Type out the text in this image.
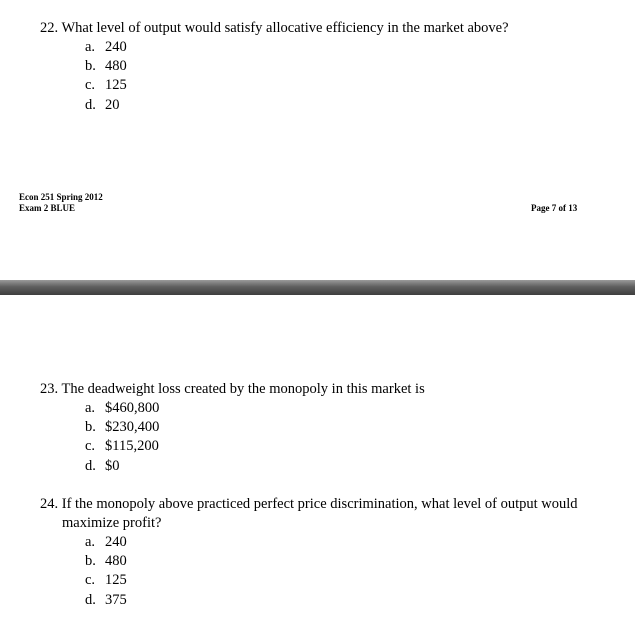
22. What level of output would satisfy allocative efficiency in the market above?
a. 240
b. 480
c. 125
d. 20
Econ 251 Spring 2012
Exam 2 BLUE	Page 7 of 13
23. The deadweight loss created by the monopoly in this market is
a. $460,800
b. $230,400
c. $115,200
d. $0
24. If the monopoly above practiced perfect price discrimination, what level of output would
maximize profit?
a. 240
b. 480
c. 125
d. 375
